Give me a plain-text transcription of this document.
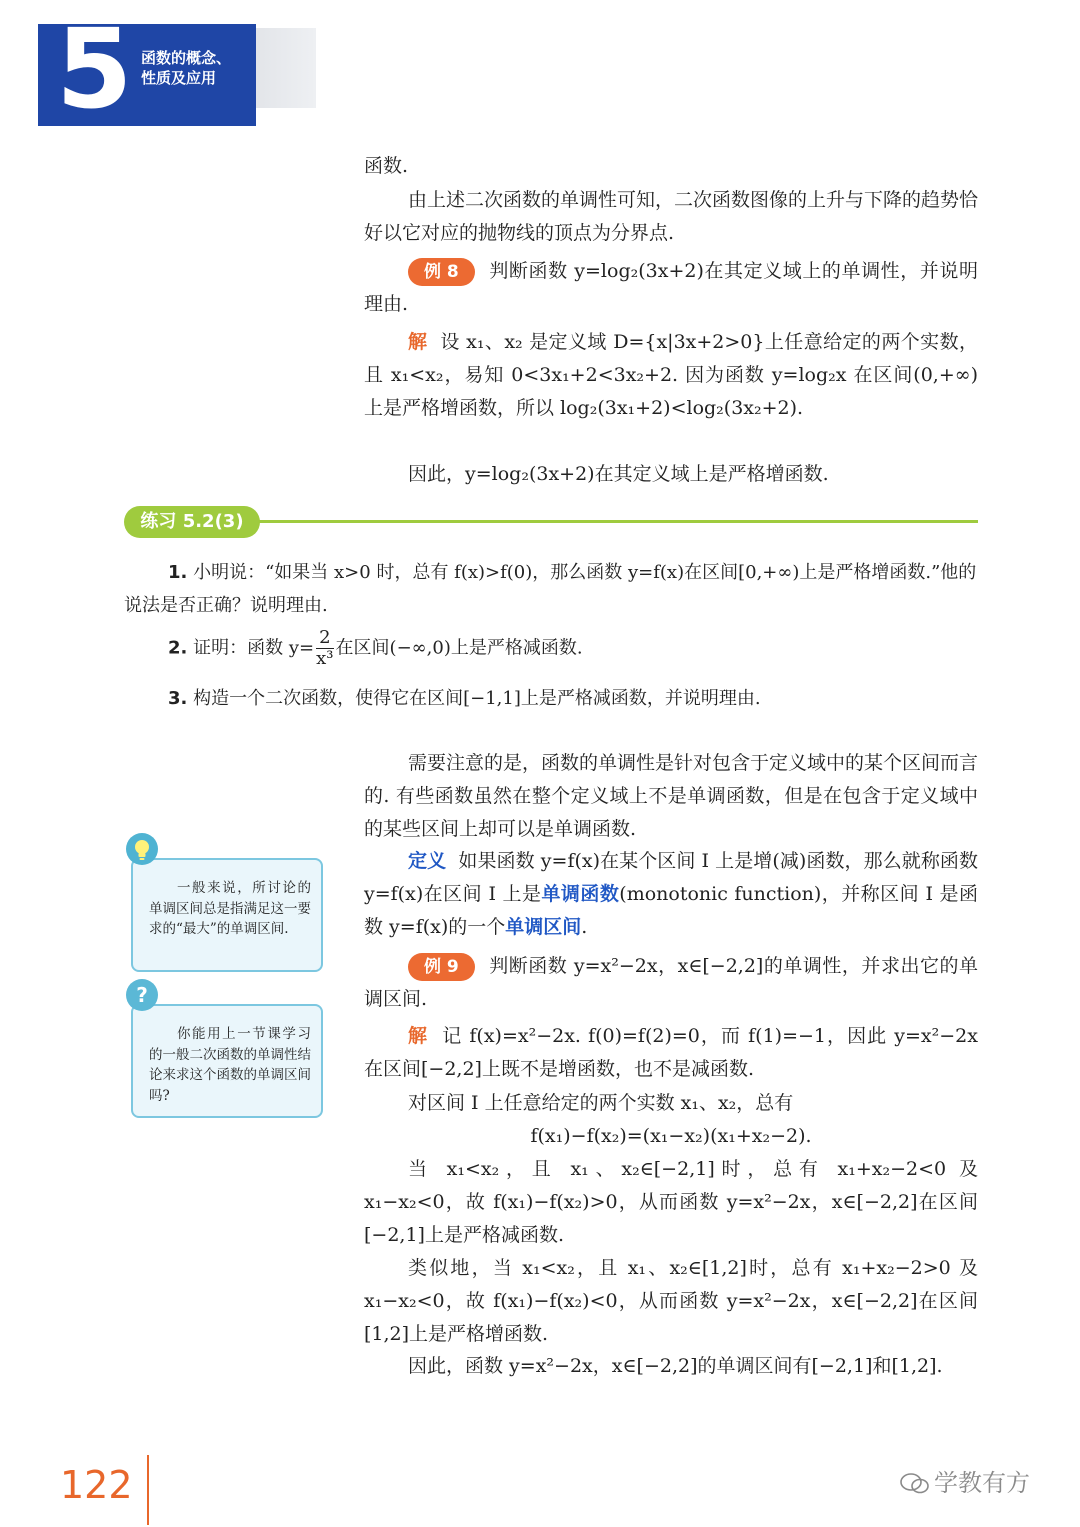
5 函数的概念、
性质及应用
函数.
由上述二次函数的单调性可知，二次函数图像的上升与下降的趋势恰好以它对应的抛物线的顶点为分界点.
例 8 判断函数 y=log₂(3x+2)在其定义域上的单调性，并说明理由.
解 设 x₁、x₂ 是定义域 D={x|3x+2>0}上任意给定的两个实数，且 x₁<x₂，易知 0<3x₁+2<3x₂+2. 因为函数 y=log₂x 在区间(0,+∞)上是严格增函数，所以 log₂(3x₁+2)<log₂(3x₂+2).
因此，y=log₂(3x+2)在其定义域上是严格增函数.
练习 5.2(3)
1. 小明说：“如果当 x>0 时，总有 f(x)>f(0)，那么函数 y=f(x)在区间[0,+∞)上是严格增函数.”他的说法是否正确？说明理由.
2. 证明：函数 $y= \frac{2}{\text{x³}}$ 在区间(−∞,0)上是严格减函数.
3. 构造一个二次函数，使得它在区间[−1,1]上是严格减函数，并说明理由.
需要注意的是，函数的单调性是针对包含于定义域中的某个区间而言的. 有些函数虽然在整个定义域上不是单调函数，但是在包含于定义域中的某些区间上却可以是单调函数.
定义 如果函数 y=f(x)在某个区间 I 上是增(减)函数，那么就称函数 y=f(x)在区间 I 上是单调函数(monotonic function)，并称区间 I 是函数 y=f(x)的一个单调区间.
例 9 判断函数 y=x²−2x，x∈[−2,2]的单调性，并求出它的单调区间.
解 记 f(x)=x²−2x. f(0)=f(2)=0，而 f(1)=−1，因此 y=x²−2x 在区间[−2,2]上既不是增函数，也不是减函数.
对区间 I 上任意给定的两个实数 x₁、x₂，总有
f(x₁)−f(x₂)=(x₁−x₂)(x₁+x₂−2).
当 x₁<x₂，且 x₁、x₂∈[−2,1]时，总有 x₁+x₂−2<0 及 x₁−x₂<0，故 f(x₁)−f(x₂)>0，从而函数 y=x²−2x，x∈[−2,2]在区间[−2,1]上是严格减函数.
类似地，当 x₁<x₂，且 x₁、x₂∈[1,2]时，总有 x₁+x₂−2>0 及 x₁−x₂<0，故 f(x₁)−f(x₂)<0，从而函数 y=x²−2x，x∈[−2,2]在区间[1,2]上是严格增函数.
因此，函数 y=x²−2x，x∈[−2,2]的单调区间有[−2,1]和[1,2].
一般来说，所讨论的单调区间总是指满足这一要求的“最大”的单调区间.
你能用上一节课学习的一般二次函数的单调性结论来求这个函数的单调区间吗?
?
122	学教有方
